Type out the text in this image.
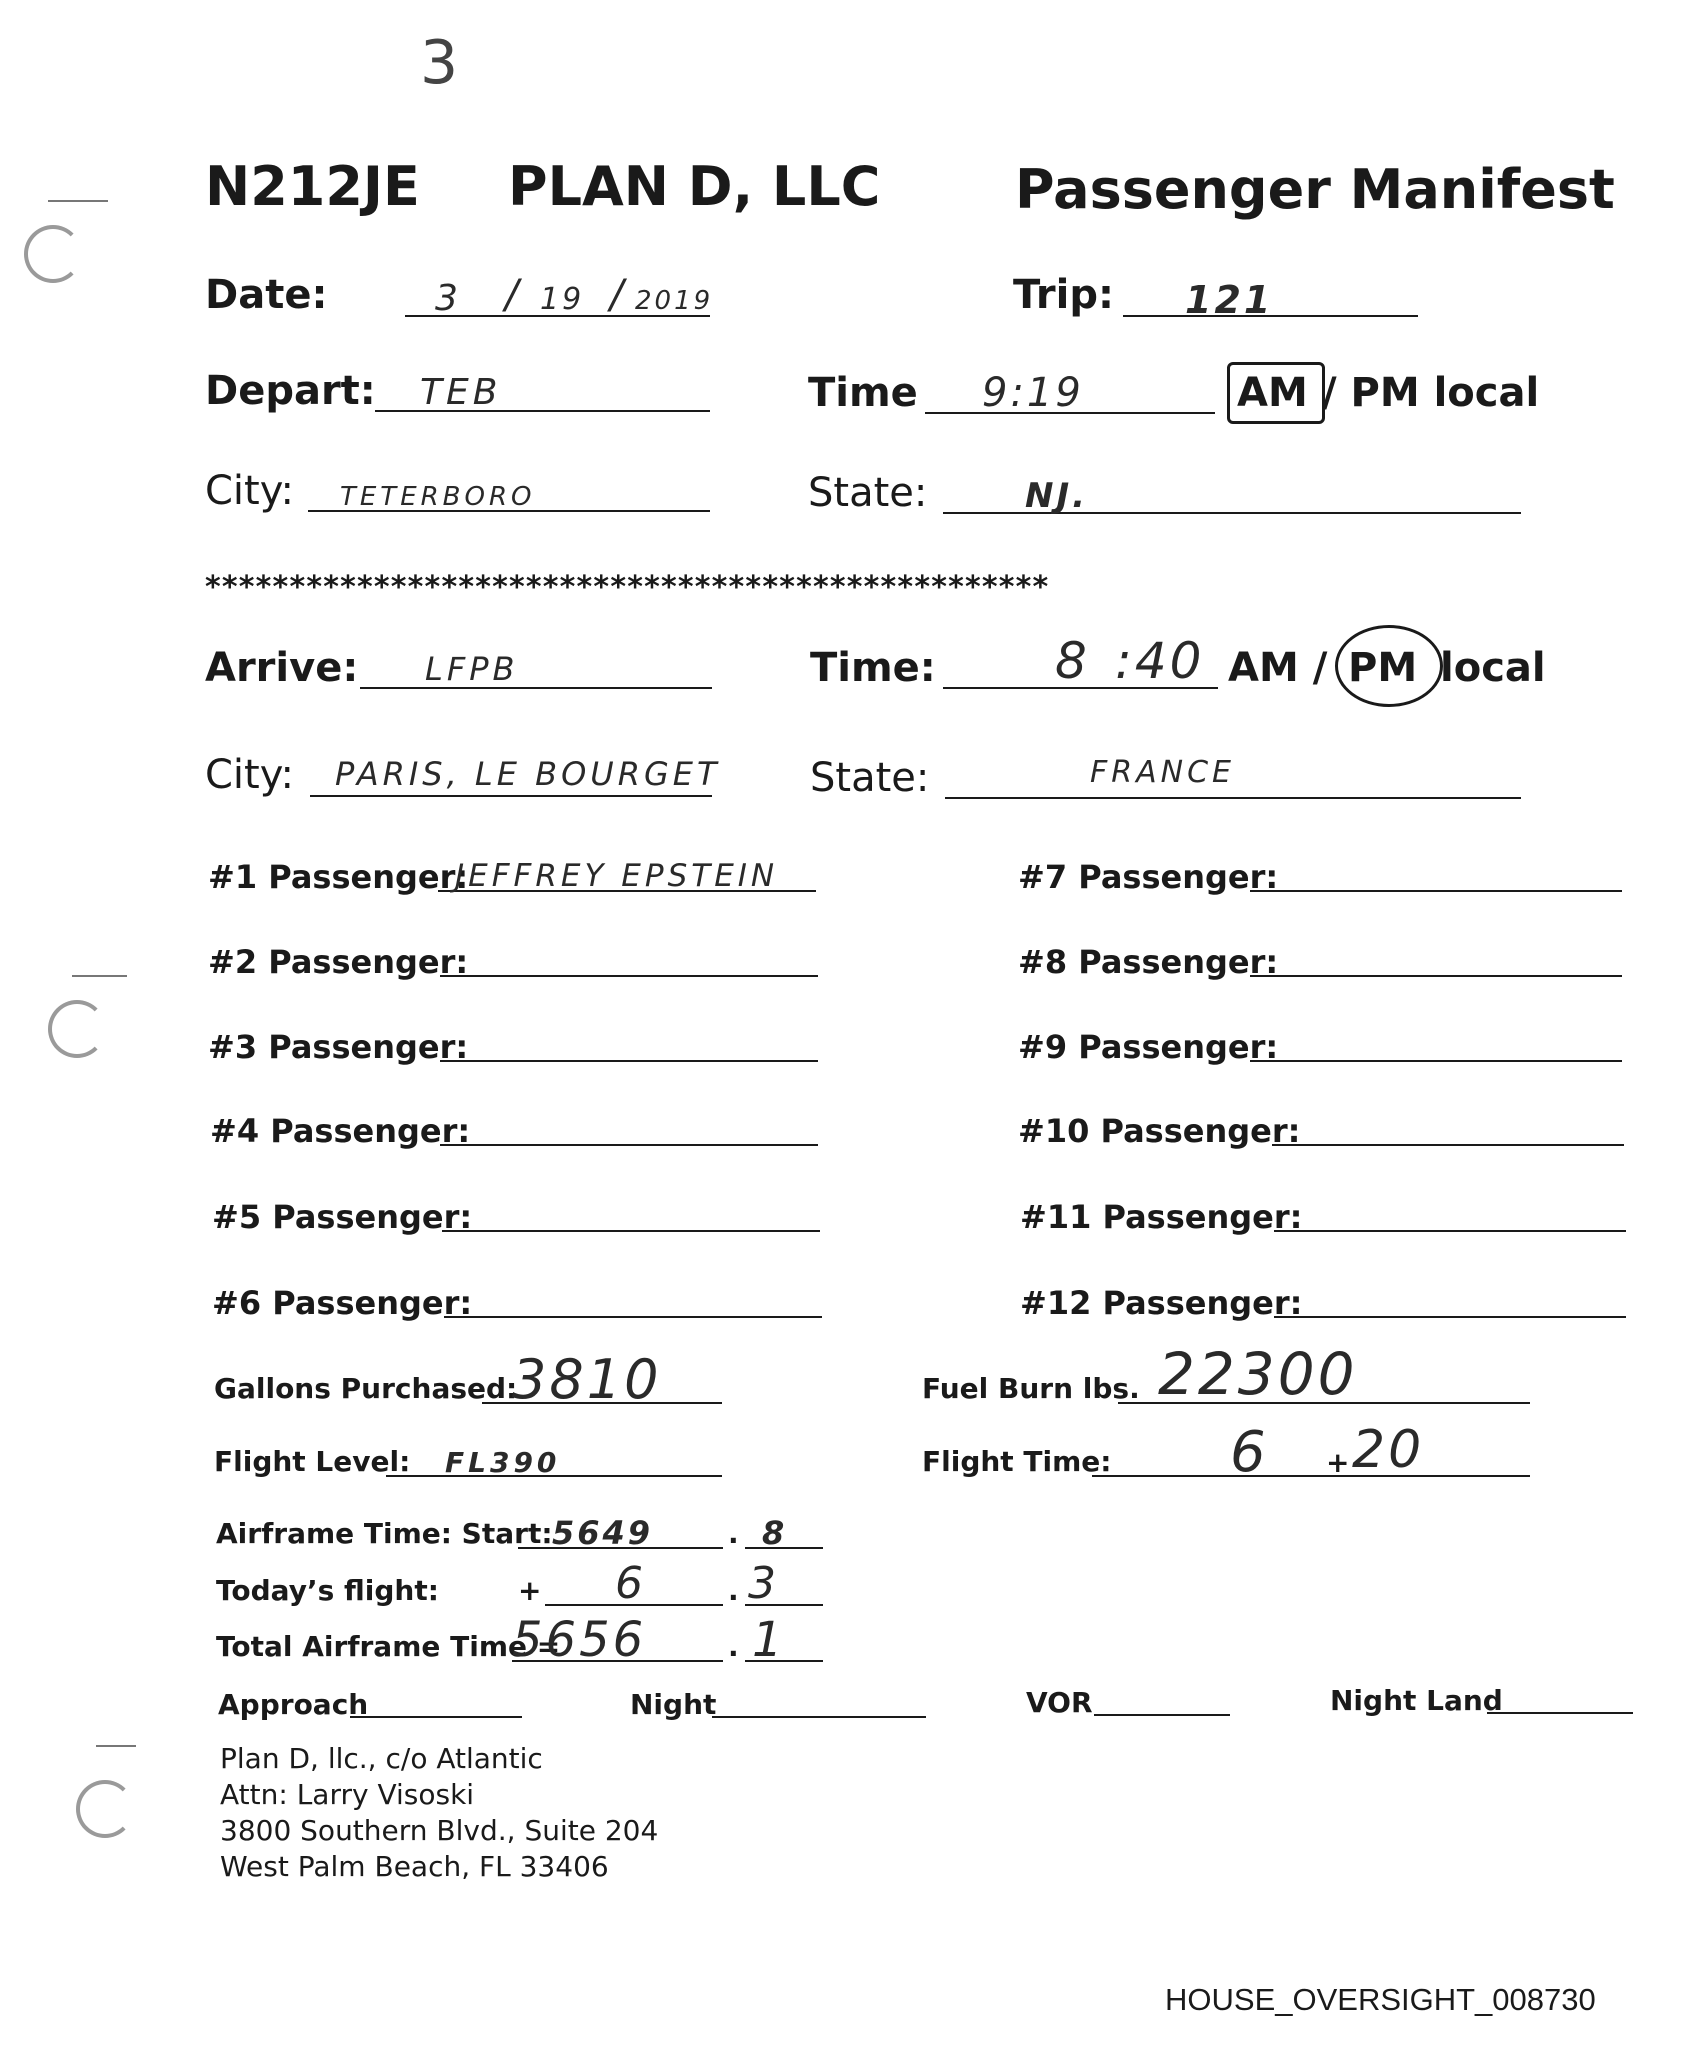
3
N212JE PLAN D, LLC Passenger Manifest
Date:	3 / 19 / 2019	Trip: 121
Depart: TEB	Time 9:19	AM / PM local
City: TETERBORO	State:	NJ.
**************************************************
Arrive: LFPB	Time: 8 :40 AM / PM local
City: PARIS, LE BOURGET State:	FRANCE
#1 Passenger:
JEFFREY EPSTEIN
#2 Passenger:
#3 Passenger:
#4 Passenger:
#5 Passenger:
#6 Passenger:
#7 Passenger:
#8 Passenger:
#9 Passenger:
#10 Passenger:
#11 Passenger:
#12 Passenger:
Gallons Purchased:
3810	Fuel Burn lbs. 22300
Flight Level: FL390	Flight Time: 6 + 20
Airframe Time: Start: 5649	. 8
Today’s flight:	+ 6	. 3
Total Airframe Time =
5656	. 1
Approach	Night	VOR	Night Land
Plan D, llc., c/o Atlantic
Attn: Larry Visoski
3800 Southern Blvd., Suite 204
West Palm Beach, FL 33406
HOUSE_OVERSIGHT_008730
